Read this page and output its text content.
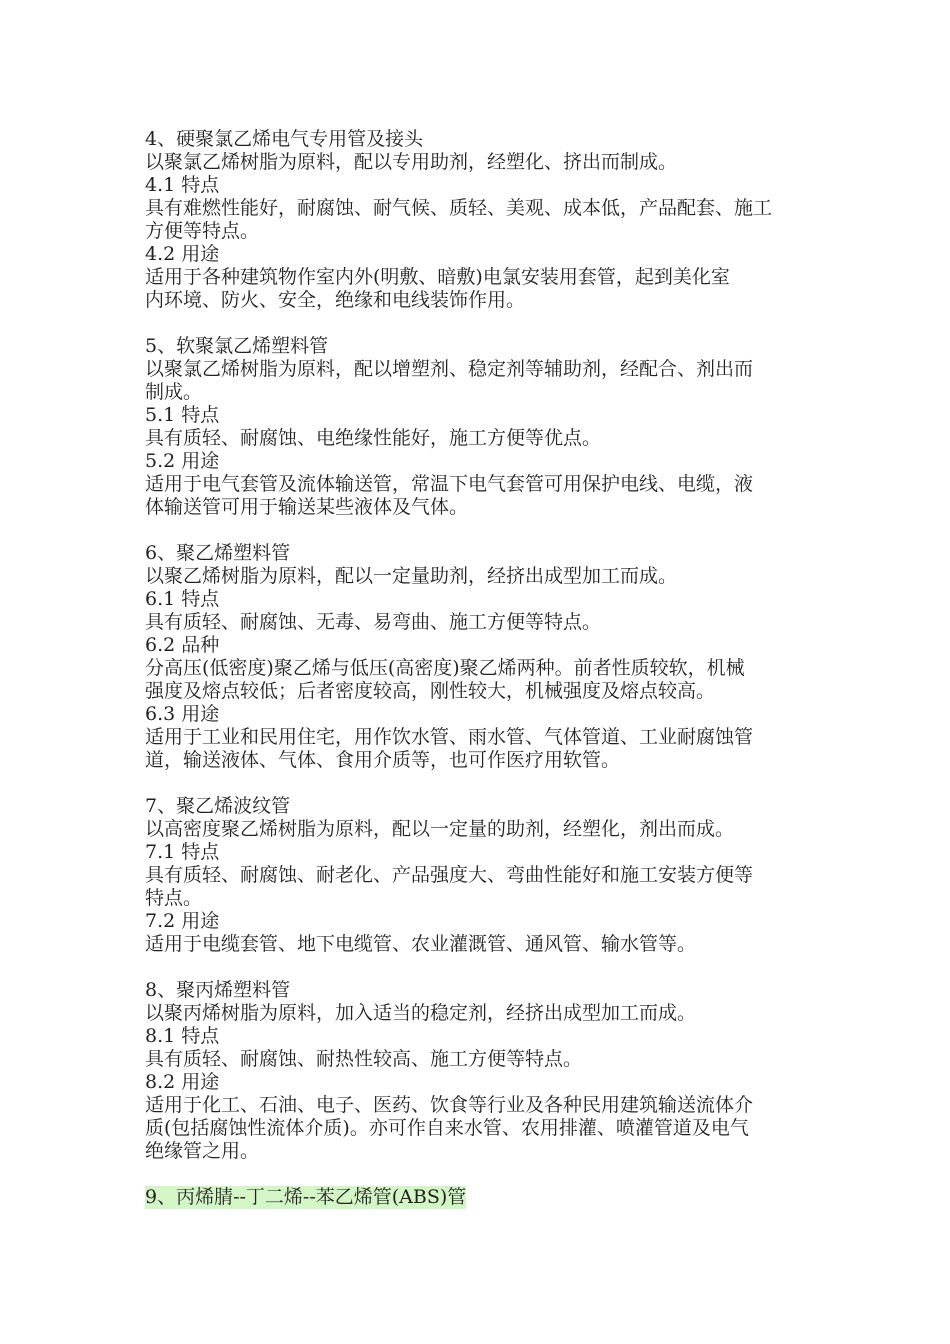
4、硬聚氯乙烯电气专用管及接头
以聚氯乙烯树脂为原料，配以专用助剂，经塑化、挤出而制成。
4.1 特点
具有难燃性能好，耐腐蚀、耐气候、质轻、美观、成本低，产品配套、施工
方便等特点。
4.2 用途
适用于各种建筑物作室内外(明敷、暗敷)电氯安装用套管，起到美化室
内环境、防火、安全，绝缘和电线装饰作用。
5、软聚氯乙烯塑料管
以聚氯乙烯树脂为原料，配以增塑剂、稳定剂等辅助剂，经配合、剂出而
制成。
5.1 特点
具有质轻、耐腐蚀、电绝缘性能好，施工方便等优点。
5.2 用途
适用于电气套管及流体输送管，常温下电气套管可用保护电线、电缆，液
体输送管可用于输送某些液体及气体。
6、聚乙烯塑料管
以聚乙烯树脂为原料，配以一定量助剂，经挤出成型加工而成。
6.1 特点
具有质轻、耐腐蚀、无毒、易弯曲、施工方便等特点。
6.2 品种
分高压(低密度)聚乙烯与低压(高密度)聚乙烯两种。前者性质较软，机械
强度及熔点较低；后者密度较高，刚性较大，机械强度及熔点较高。
6.3 用途
适用于工业和民用住宅，用作饮水管、雨水管、气体管道、工业耐腐蚀管
道，输送液体、气体、食用介质等，也可作医疗用软管。
7、聚乙烯波纹管
以高密度聚乙烯树脂为原料，配以一定量的助剂，经塑化，剂出而成。
7.1 特点
具有质轻、耐腐蚀、耐老化、产品强度大、弯曲性能好和施工安装方便等
特点。
7.2 用途
适用于电缆套管、地下电缆管、农业灌溉管、通风管、输水管等。
8、聚丙烯塑料管
以聚丙烯树脂为原料，加入适当的稳定剂，经挤出成型加工而成。
8.1 特点
具有质轻、耐腐蚀、耐热性较高、施工方便等特点。
8.2 用途
适用于化工、石油、电子、医药、饮食等行业及各种民用建筑输送流体介
质(包括腐蚀性流体介质)。亦可作自来水管、农用排灌、喷灌管道及电气
绝缘管之用。
9、丙烯腈--丁二烯--苯乙烯管(ABS)管
